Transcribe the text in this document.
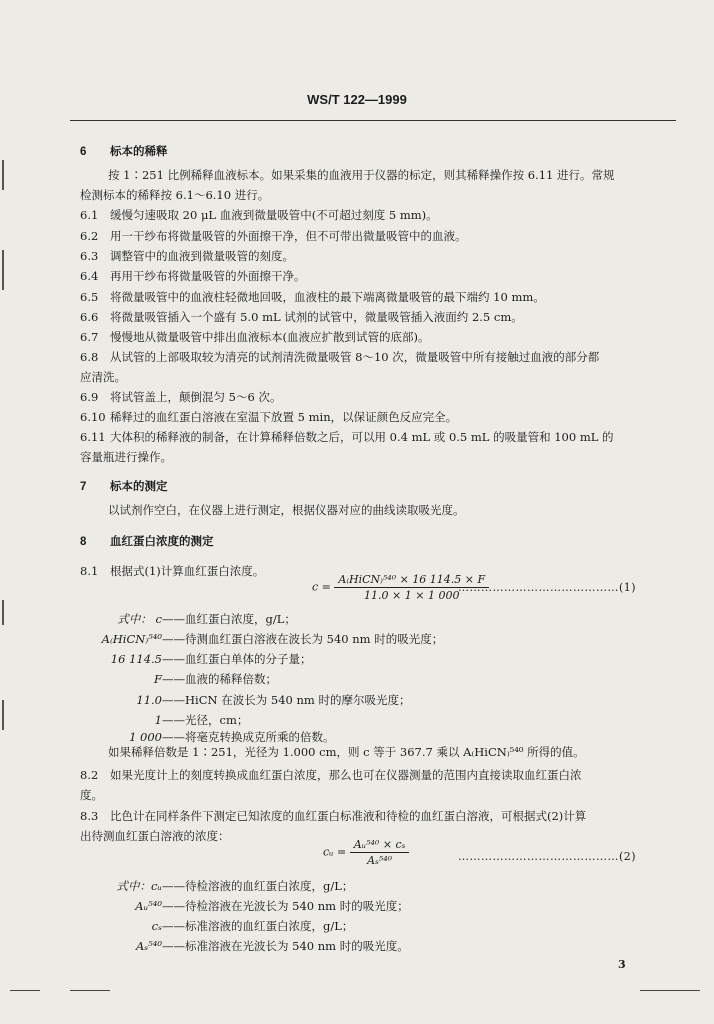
WS/T 122—1999
6 标本的稀释
按 1∶251 比例稀释血液标本。如果采集的血液用于仪器的标定，则其稀释操作按 6.11 进行。常规
检测标本的稀释按 6.1～6.10 进行。
6.1 缓慢匀速吸取 20 μL 血液到微量吸管中(不可超过刻度 5 mm)。
6.2 用一干纱布将微量吸管的外面擦干净，但不可带出微量吸管中的血液。
6.3 调整管中的血液到微量吸管的刻度。
6.4 再用干纱布将微量吸管的外面擦干净。
6.5 将微量吸管中的血液柱轻微地回吸，血液柱的最下端离微量吸管的最下端约 10 mm。
6.6 将微量吸管插入一个盛有 5.0 mL 试剂的试管中，微量吸管插入液面约 2.5 cm。
6.7 慢慢地从微量吸管中排出血液标本(血液应扩散到试管的底部)。
6.8 从试管的上部吸取较为清亮的试剂清洗微量吸管 8～10 次，微量吸管中所有接触过血液的部分都
应清洗。
6.9 将试管盖上，颠倒混匀 5～6 次。
6.10 稀释过的血红蛋白溶液在室温下放置 5 min，以保证颜色反应完全。
6.11 大体积的稀释液的制备，在计算稀释倍数之后，可以用 0.4 mL 或 0.5 mL 的吸量管和 100 mL 的
容量瓶进行操作。
7 标本的测定
以试剂作空白，在仪器上进行测定，根据仪器对应的曲线读取吸光度。
8 血红蛋白浓度的测定
8.1 根据式(1)计算血红蛋白浓度。
$c = \frac{\text{A₍HiCN₎⁵⁴⁰ × 16 114.5 × F}}{11.0 \times 1 \times 1 000}$
……………………………………(1)
式中： c——血红蛋白浓度，g/L；
A₍HiCN₎⁵⁴⁰——待测血红蛋白溶液在波长为 540 nm 时的吸光度；
16 114.5——血红蛋白单体的分子量；
F——血液的稀释倍数；
11.0——HiCN 在波长为 540 nm 时的摩尔吸光度；
1——光径，cm；
1 000——将毫克转换成克所乘的倍数。
如果稀释倍数是 1∶251，光径为 1.000 cm，则 c 等于 367.7 乘以 A₍HiCN₎⁵⁴⁰ 所得的值。
8.2 如果光度计上的刻度转换成血红蛋白浓度，那么也可在仪器测量的范围内直接读取血红蛋白浓
度。
8.3 比色计在同样条件下测定已知浓度的血红蛋白标准液和待检的血红蛋白溶液，可根据式(2)计算
出待测血红蛋白溶液的浓度：
cᵤ = $\frac{\text{Aᵤ⁵⁴⁰ × cₛ}}{\text{Aₛ⁵⁴⁰}}$	……………………………………(2)
式中：cᵤ——待检溶液的血红蛋白浓度，g/L；
Aᵤ⁵⁴⁰——待检溶液在光波长为 540 nm 时的吸光度；
cₛ——标准溶液的血红蛋白浓度，g/L；
Aₛ⁵⁴⁰——标准溶液在光波长为 540 nm 时的吸光度。
3
